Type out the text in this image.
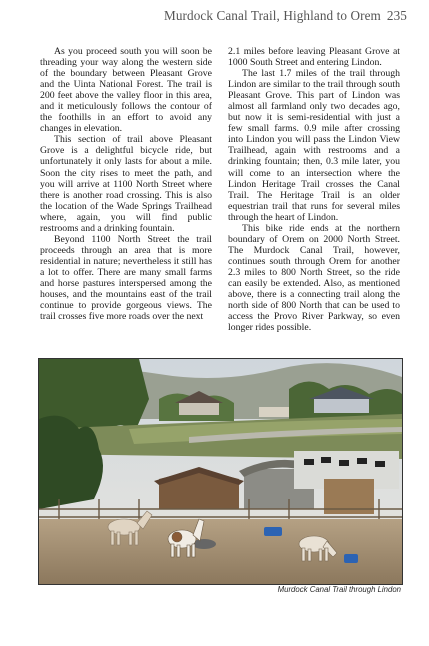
Murdock Canal Trail, Highland to Orem 235

As you proceed south you will soon be threading your way along the western side of the boundary between Pleasant Grove and the Uinta National Forest. The trail is 200 feet above the valley floor in this area, and it meticulously follows the contour of the foothills in an effort to avoid any changes in elevation.

This section of trail above Pleasant Grove is a delightful bicycle ride, but unfortunately it only lasts for about a mile. Soon the city rises to meet the path, and you will arrive at 1100 North Street where there is another road crossing. This is also the location of the Wade Springs Trailhead where, again, you will find public restrooms and a drinking fountain.

Beyond 1100 North Street the trail proceeds through an area that is more residential in nature; nevertheless it still has a lot to offer. There are many small farms and horse pastures interspersed among the houses, and the mountains east of the trail continue to provide gorgeous views. The trail crosses five more roads over the next

2.1 miles before leaving Pleasant Grove at 1000 South Street and entering Lindon.

The last 1.7 miles of the trail through Lindon are similar to the trail through south Pleasant Grove. This part of Lindon was almost all farmland only two decades ago, but now it is semi-residential with just a few small farms. 0.9 mile after crossing into Lindon you will pass the Lindon View Trailhead, again with restrooms and a drinking fountain; then, 0.3 mile later, you will come to an intersection where the Lindon Heritage Trail crosses the Canal Trail. The Heritage Trail is an older equestrian trail that runs for several miles through the heart of Lindon.

This bike ride ends at the northern boundary of Orem on 2000 North Street. The Murdock Canal Trail, however, continues south through Orem for another 2.3 miles to 800 North Street, so the ride can easily be extended. Also, as mentioned above, there is a connecting trail along the north side of 800 North that can be used to access the Provo River Parkway, so even longer rides possible.

Murdock Canal Trail through Lindon
